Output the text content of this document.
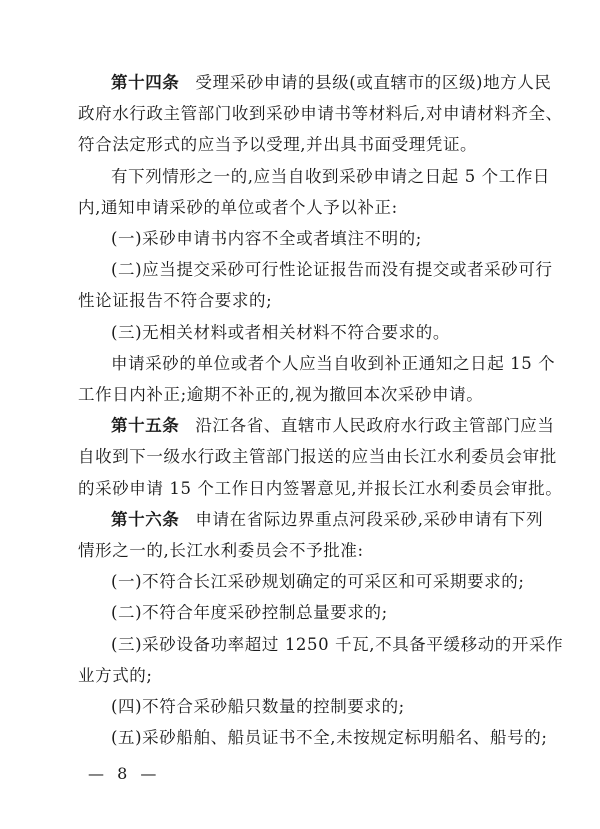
第十四条 受理采砂申请的县级(或直辖市的区级)地方人民
政府水行政主管部门收到采砂申请书等材料后,对申请材料齐全、
符合法定形式的应当予以受理,并出具书面受理凭证。
有下列情形之一的,应当自收到采砂申请之日起 5 个工作日
内,通知申请采砂的单位或者个人予以补正:
(一)采砂申请书内容不全或者填注不明的;
(二)应当提交采砂可行性论证报告而没有提交或者采砂可行
性论证报告不符合要求的;
(三)无相关材料或者相关材料不符合要求的。
申请采砂的单位或者个人应当自收到补正通知之日起 15 个
工作日内补正;逾期不补正的,视为撤回本次采砂申请。
第十五条 沿江各省、直辖市人民政府水行政主管部门应当
自收到下一级水行政主管部门报送的应当由长江水利委员会审批
的采砂申请 15 个工作日内签署意见,并报长江水利委员会审批。
第十六条 申请在省际边界重点河段采砂,采砂申请有下列
情形之一的,长江水利委员会不予批准:
(一)不符合长江采砂规划确定的可采区和可采期要求的;
(二)不符合年度采砂控制总量要求的;
(三)采砂设备功率超过 1250 千瓦,不具备平缓移动的开采作
业方式的;
(四)不符合采砂船只数量的控制要求的;
(五)采砂船舶、船员证书不全,未按规定标明船名、船号的;
— 8 —
